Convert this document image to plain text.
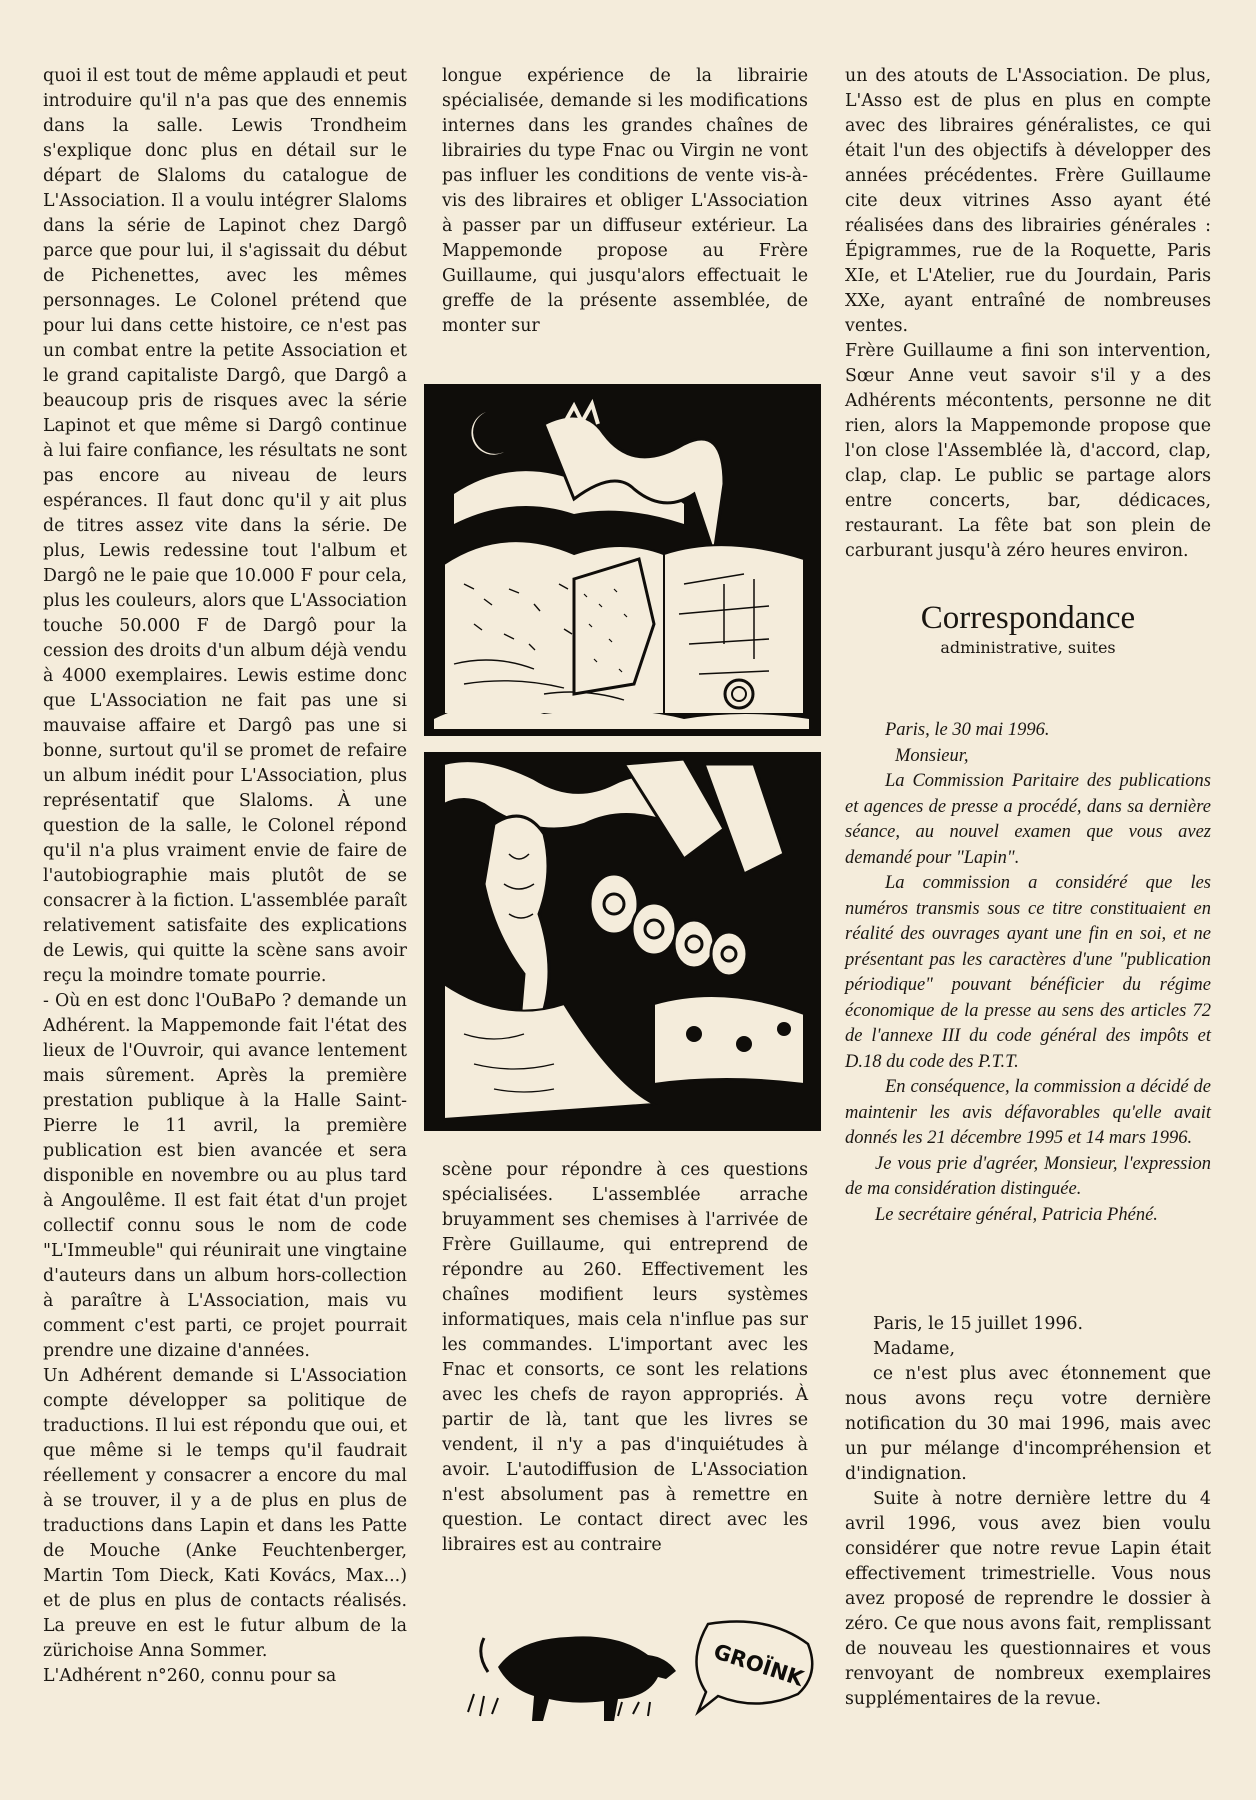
quoi il est tout de même applaudi et peut introduire qu'il n'a pas que des ennemis dans la salle. Lewis Trondheim s'explique donc plus en détail sur le départ de Slaloms du catalogue de L'Association. Il a voulu intégrer Slaloms dans la série de Lapinot chez Dargô parce que pour lui, il s'agissait du début de Pichenettes, avec les mêmes personnages. Le Colonel prétend que pour lui dans cette histoire, ce n'est pas un combat entre la petite Association et le grand capitaliste Dargô, que Dargô a beaucoup pris de risques avec la série Lapinot et que même si Dargô continue à lui faire confiance, les résultats ne sont pas encore au niveau de leurs espérances. Il faut donc qu'il y ait plus de titres assez vite dans la série. De plus, Lewis redessine tout l'album et Dargô ne le paie que 10.000 F pour cela, plus les couleurs, alors que L'Association touche 50.000 F de Dargô pour la cession des droits d'un album déjà vendu à 4000 exemplaires. Lewis estime donc que L'Association ne fait pas une si mauvaise affaire et Dargô pas une si bonne, surtout qu'il se promet de refaire un album inédit pour L'Association, plus représentatif que Slaloms. À une question de la salle, le Colonel répond qu'il n'a plus vraiment envie de faire de l'autobiographie mais plutôt de se consacrer à la fiction. L'assemblée paraît relativement satisfaite des explications de Lewis, qui quitte la scène sans avoir reçu la moindre tomate pourrie.

- Où en est donc l'OuBaPo ? demande un Adhérent. la Mappemonde fait l'état des lieux de l'Ouvroir, qui avance lentement mais sûrement. Après la première prestation publique à la Halle Saint-Pierre le 11 avril, la première publication est bien avancée et sera disponible en novembre ou au plus tard à Angoulême. Il est fait état d'un projet collectif connu sous le nom de code "L'Immeuble" qui réunirait une vingtaine d'auteurs dans un album hors-collection à paraître à L'Association, mais vu comment c'est parti, ce projet pourrait prendre une dizaine d'années.

Un Adhérent demande si L'Association compte développer sa politique de traductions. Il lui est répondu que oui, et que même si le temps qu'il faudrait réellement y consacrer a encore du mal à se trouver, il y a de plus en plus de traductions dans Lapin et dans les Patte de Mouche (Anke Feuchtenberger, Martin Tom Dieck, Kati Kovács, Max...) et de plus en plus de contacts réalisés. La preuve en est le futur album de la zürichoise Anna Sommer.

L'Adhérent n°260, connu pour sa

longue expérience de la librairie spécialisée, demande si les modifications internes dans les grandes chaînes de librairies du type Fnac ou Virgin ne vont pas influer les conditions de vente vis-à-vis des libraires et obliger L'Association à passer par un diffuseur extérieur. La Mappemonde propose au Frère Guillaume, qui jusqu'alors effectuait le greffe de la présente assemblée, de monter sur

scène pour répondre à ces questions spécialisées. L'assemblée arrache bruyamment ses chemises à l'arrivée de Frère Guillaume, qui entreprend de répondre au 260. Effectivement les chaînes modifient leurs systèmes informatiques, mais cela n'influe pas sur les commandes. L'important avec les Fnac et consorts, ce sont les relations avec les chefs de rayon appropriés. À partir de là, tant que les livres se vendent, il n'y a pas d'inquiétudes à avoir. L'autodiffusion de L'Association n'est absolument pas à remettre en question. Le contact direct avec les libraires est au contraire

GROÏNK

un des atouts de L'Association. De plus, L'Asso est de plus en plus en compte avec des libraires généralistes, ce qui était l'un des objectifs à développer des années précédentes. Frère Guillaume cite deux vitrines Asso ayant été réalisées dans des librairies générales : Épigrammes, rue de la Roquette, Paris XIe, et L'Atelier, rue du Jourdain, Paris XXe, ayant entraîné de nombreuses ventes.

Frère Guillaume a fini son intervention, Sœur Anne veut savoir s'il y a des Adhérents mécontents, personne ne dit rien, alors la Mappemonde propose que l'on close l'Assemblée là, d'accord, clap, clap, clap. Le public se partage alors entre concerts, bar, dédicaces, restaurant. La fête bat son plein de carburant jusqu'à zéro heures environ.

Correspondance
administrative, suites

Paris, le 30 mai 1996.

Monsieur,

La Commission Paritaire des publications et agences de presse a procédé, dans sa dernière séance, au nouvel examen que vous avez demandé pour "Lapin".

La commission a considéré que les numéros transmis sous ce titre constituaient en réalité des ouvrages ayant une fin en soi, et ne présentant pas les caractères d'une "publication périodique" pouvant bénéficier du régime économique de la presse au sens des articles 72 de l'annexe III du code général des impôts et D.18 du code des P.T.T.

En conséquence, la commission a décidé de maintenir les avis défavorables qu'elle avait donnés les 21 décembre 1995 et 14 mars 1996.

Je vous prie d'agréer, Monsieur, l'expression de ma considération distinguée.

Le secrétaire général, Patricia Phéné.

Paris, le 15 juillet 1996.

Madame,

ce n'est plus avec étonnement que nous avons reçu votre dernière notification du 30 mai 1996, mais avec un pur mélange d'incompréhension et d'indignation.

Suite à notre dernière lettre du 4 avril 1996, vous avez bien voulu considérer que notre revue Lapin était effectivement trimestrielle. Vous nous avez proposé de reprendre le dossier à zéro. Ce que nous avons fait, remplissant de nouveau les questionnaires et vous renvoyant de nombreux exemplaires supplémentaires de la revue.
